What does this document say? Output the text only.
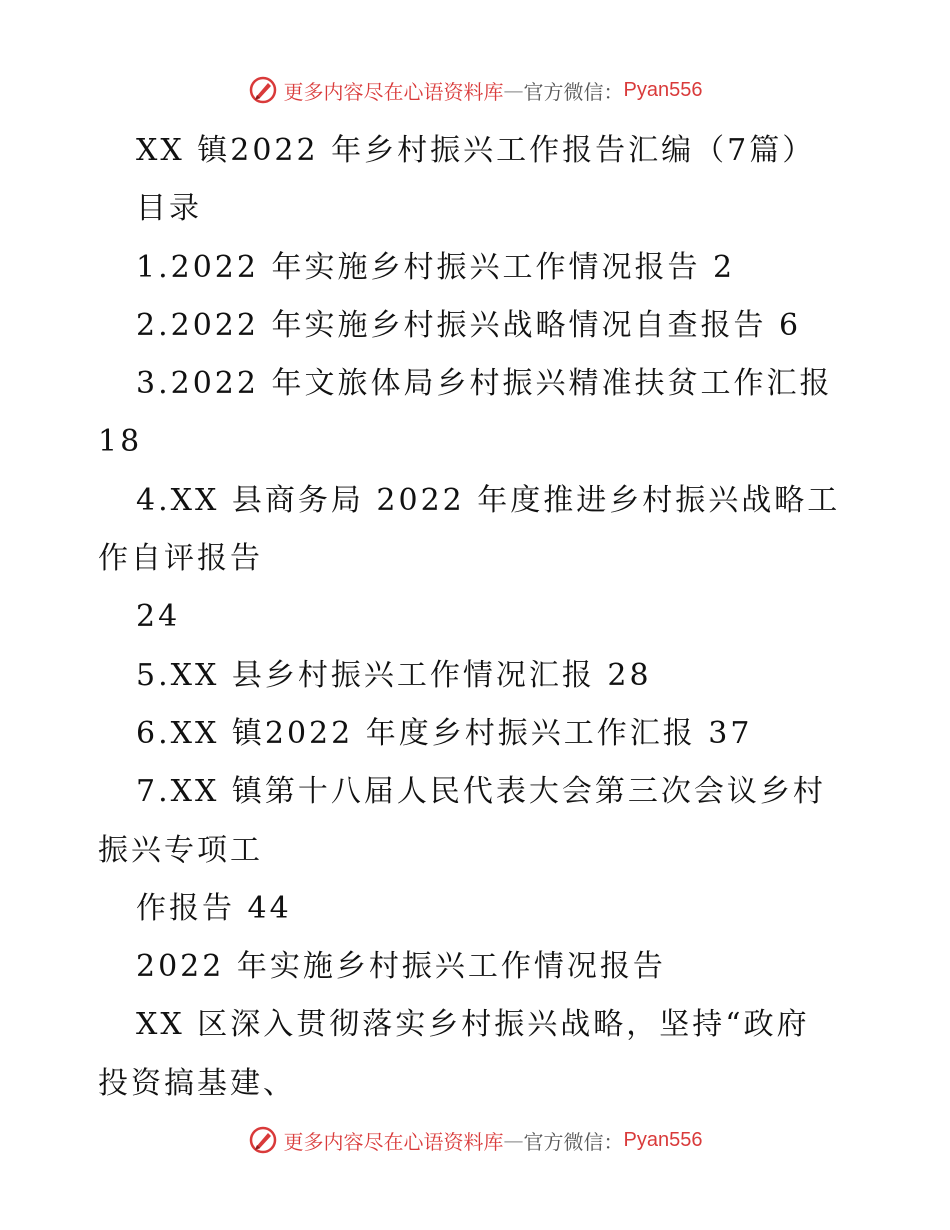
更多内容尽在心语资料库 — 官方微信： Pyan556
XX 镇2022 年乡村振兴工作报告汇编（7篇）
目录
1.2022 年实施乡村振兴工作情况报告 2
2.2022 年实施乡村振兴战略情况自查报告 6
3.2022 年文旅体局乡村振兴精准扶贫工作汇报
18
4.XX 县商务局 2022 年度推进乡村振兴战略工
作自评报告
24
5.XX 县乡村振兴工作情况汇报 28
6.XX 镇2022 年度乡村振兴工作汇报 37
7.XX 镇第十八届人民代表大会第三次会议乡村
振兴专项工
作报告 44
2022 年实施乡村振兴工作情况报告
XX 区深入贯彻落实乡村振兴战略，坚持“政府
投资搞基建、
更多内容尽在心语资料库 — 官方微信： Pyan556
